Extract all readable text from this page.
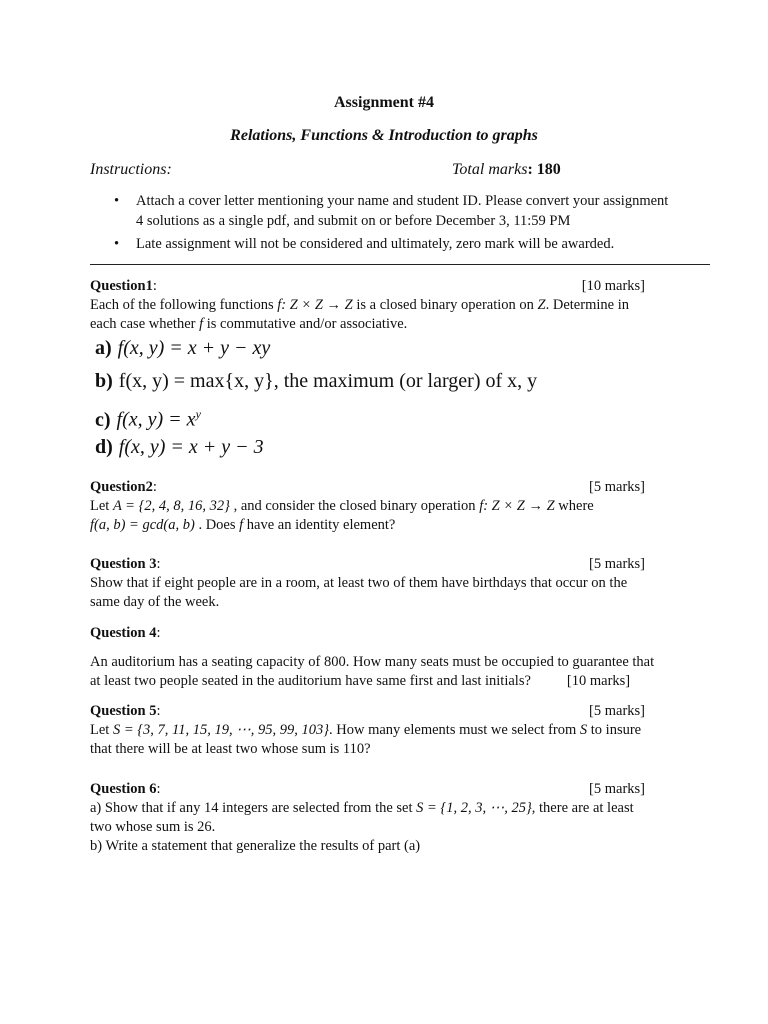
Assignment #4
Relations, Functions & Introduction to graphs
Instructions:	Total marks: 180
• Attach a cover letter mentioning your name and student ID. Please convert your assignment 4 solutions as a single pdf, and submit on or before December 3, 11:59 PM
• Late assignment will not be considered and ultimately, zero mark will be awarded.
Question1:	[10 marks]

Each of the following functions f: Z × Z → Z is a closed binary operation on Z. Determine in each case whether f is commutative and/or associative.

a) f(x, y) = x + y − xy
b) f(x, y) = max{x, y}, the maximum (or larger) of x, y
c) f(x, $y) = x^y$
d) f(x, y) = x + y − 3
Question2:	[5 marks]

Let A = {2, 4, 8, 16, 32} , and consider the closed binary operation f: Z × Z → Z where
f(a, b) = gcd(a, b) . Does f have an identity element?

Question 3:	[5 marks]

Show that if eight people are in a room, at least two of them have birthdays that occur on the same day of the week.

Question 4:

An auditorium has a seating capacity of 800. How many seats must be occupied to guarantee that
at least two people seated in the auditorium have same first and last initials? [10 marks]

Question 5:	[5 marks]

Let S = {3, 7, 11, 15, 19, ⋯, 95, 99, 103}. How many elements must we select from S to insure that there will be at least two whose sum is 110?

Question 6:	[5 marks]

a) Show that if any 14 integers are selected from the set S = {1, 2, 3, ⋯, 25}, there are at least two whose sum is 26.

b) Write a statement that generalize the results of part (a)
